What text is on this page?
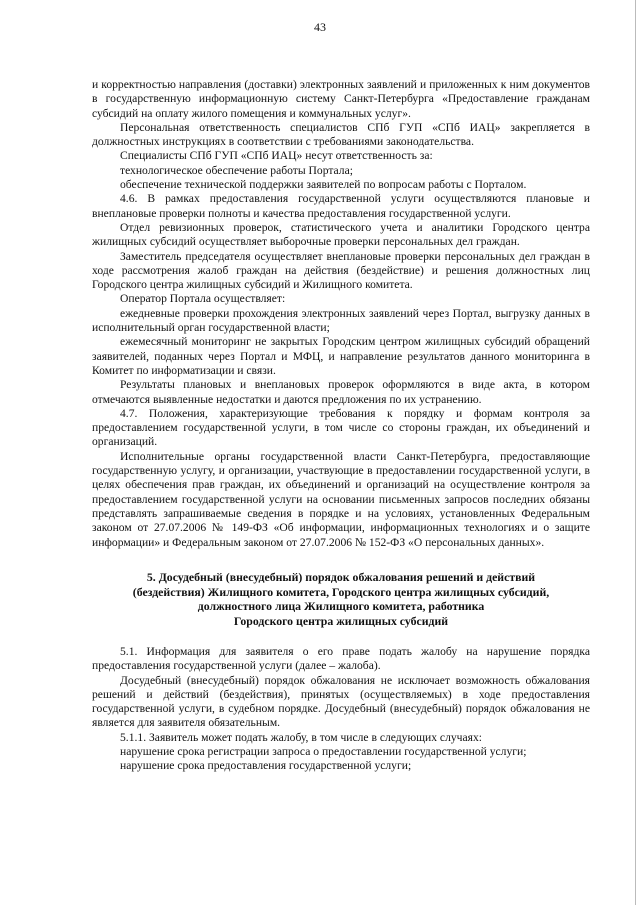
43

и корректностью направления (доставки) электронных заявлений и приложенных к ним документов в государственную информационную систему Санкт-Петербурга «Предоставление гражданам субсидий на оплату жилого помещения и коммунальных услуг».

Персональная ответственность специалистов СПб ГУП «СПб ИАЦ» закрепляется в должностных инструкциях в соответствии с требованиями законодательства.

Специалисты СПб ГУП «СПб ИАЦ» несут ответственность за:

технологическое обеспечение работы Портала;

обеспечение технической поддержки заявителей по вопросам работы с Порталом.

4.6. В рамках предоставления государственной услуги осуществляются плановые и внеплановые проверки полноты и качества предоставления государственной услуги.

Отдел ревизионных проверок, статистического учета и аналитики Городского центра жилищных субсидий осуществляет выборочные проверки персональных дел граждан.

Заместитель председателя осуществляет внеплановые проверки персональных дел граждан в ходе рассмотрения жалоб граждан на действия (бездействие) и решения должностных лиц Городского центра жилищных субсидий и Жилищного комитета.

Оператор Портала осуществляет:

ежедневные проверки прохождения электронных заявлений через Портал, выгрузку данных в исполнительный орган государственной власти;

ежемесячный мониторинг не закрытых Городским центром жилищных субсидий обращений заявителей, поданных через Портал и МФЦ, и направление результатов данного мониторинга в Комитет по информатизации и связи.

Результаты плановых и внеплановых проверок оформляются в виде акта, в котором отмечаются выявленные недостатки и даются предложения по их устранению.

4.7. Положения, характеризующие требования к порядку и формам контроля за предоставлением государственной услуги, в том числе со стороны граждан, их объединений и организаций.

Исполнительные органы государственной власти Санкт-Петербурга, предоставляющие государственную услугу, и организации, участвующие в предоставлении государственной услуги, в целях обеспечения прав граждан, их объединений и организаций на осуществление контроля за предоставлением государственной услуги на основании письменных запросов последних обязаны представлять запрашиваемые сведения в порядке и на условиях, установленных Федеральным законом от 27.07.2006 № 149-ФЗ «Об информации, информационных технологиях и о защите информации» и Федеральным законом от 27.07.2006 № 152-ФЗ «О персональных данных».

5. Досудебный (внесудебный) порядок обжалования решений и действий
(бездействия) Жилищного комитета, Городского центра жилищных субсидий,
должностного лица Жилищного комитета, работника
Городского центра жилищных субсидий

5.1. Информация для заявителя о его праве подать жалобу на нарушение порядка предоставления государственной услуги (далее – жалоба).

Досудебный (внесудебный) порядок обжалования не исключает возможность обжалования решений и действий (бездействия), принятых (осуществляемых) в ходе предоставления государственной услуги, в судебном порядке. Досудебный (внесудебный) порядок обжалования не является для заявителя обязательным.

5.1.1. Заявитель может подать жалобу, в том числе в следующих случаях:

нарушение срока регистрации запроса о предоставлении государственной услуги;

нарушение срока предоставления государственной услуги;
